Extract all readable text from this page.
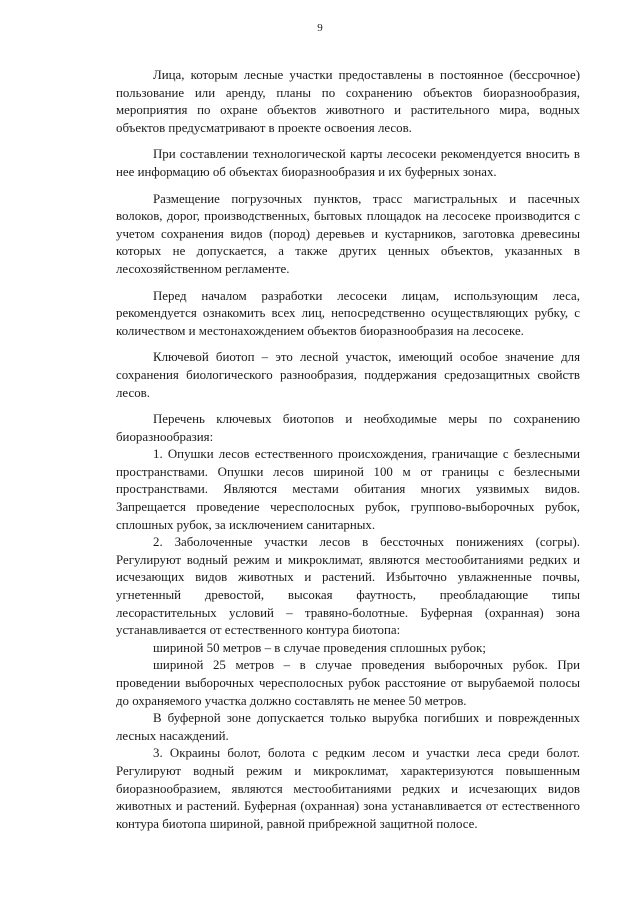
9

Лица, которым лесные участки предоставлены в постоянное (бессрочное) пользование или аренду, планы по сохранению объектов биоразнообразия, мероприятия по охране объектов животного и растительного мира, водных объектов предусматривают в проекте освоения лесов.

При составлении технологической карты лесосеки рекомендуется вносить в нее информацию об объектах биоразнообразия и их буферных зонах.

Размещение погрузочных пунктов, трасс магистральных и пасечных волоков, дорог, производственных, бытовых площадок на лесосеке производится с учетом сохранения видов (пород) деревьев и кустарников, заготовка древесины которых не допускается, а также других ценных объектов, указанных в лесохозяйственном регламенте.

Перед началом разработки лесосеки лицам, использующим леса, рекомендуется ознакомить всех лиц, непосредственно осуществляющих рубку, с количеством и местонахождением объектов биоразнообразия на лесосеке.

Ключевой биотоп – это лесной участок, имеющий особое значение для сохранения биологического разнообразия, поддержания средозащитных свойств лесов.

Перечень ключевых биотопов и необходимые меры по сохранению биоразнообразия:

1. Опушки лесов естественного происхождения, граничащие с безлесными пространствами. Опушки лесов шириной 100 м от границы с безлесными пространствами. Являются местами обитания многих уязвимых видов. Запрещается проведение чересполосных рубок, группово-выборочных рубок, сплошных рубок, за исключением санитарных.

2. Заболоченные участки лесов в бессточных понижениях (согры). Регулируют водный режим и микроклимат, являются местообитаниями редких и исчезающих видов животных и растений. Избыточно увлажненные почвы, угнетенный древостой, высокая фаутность, преобладающие типы лесорастительных условий – травяно-болотные. Буферная (охранная) зона устанавливается от естественного контура биотопа:

шириной 50 метров – в случае проведения сплошных рубок;

шириной 25 метров – в случае проведения выборочных рубок. При проведении выборочных чересполосных рубок расстояние от вырубаемой полосы до охраняемого участка должно составлять не менее 50 метров.

В буферной зоне допускается только вырубка погибших и поврежденных лесных насаждений.

3. Окраины болот, болота с редким лесом и участки леса среди болот. Регулируют водный режим и микроклимат, характеризуются повышенным биоразнообразием, являются местообитаниями редких и исчезающих видов животных и растений. Буферная (охранная) зона устанавливается от естественного контура биотопа шириной, равной прибрежной защитной полосе.
